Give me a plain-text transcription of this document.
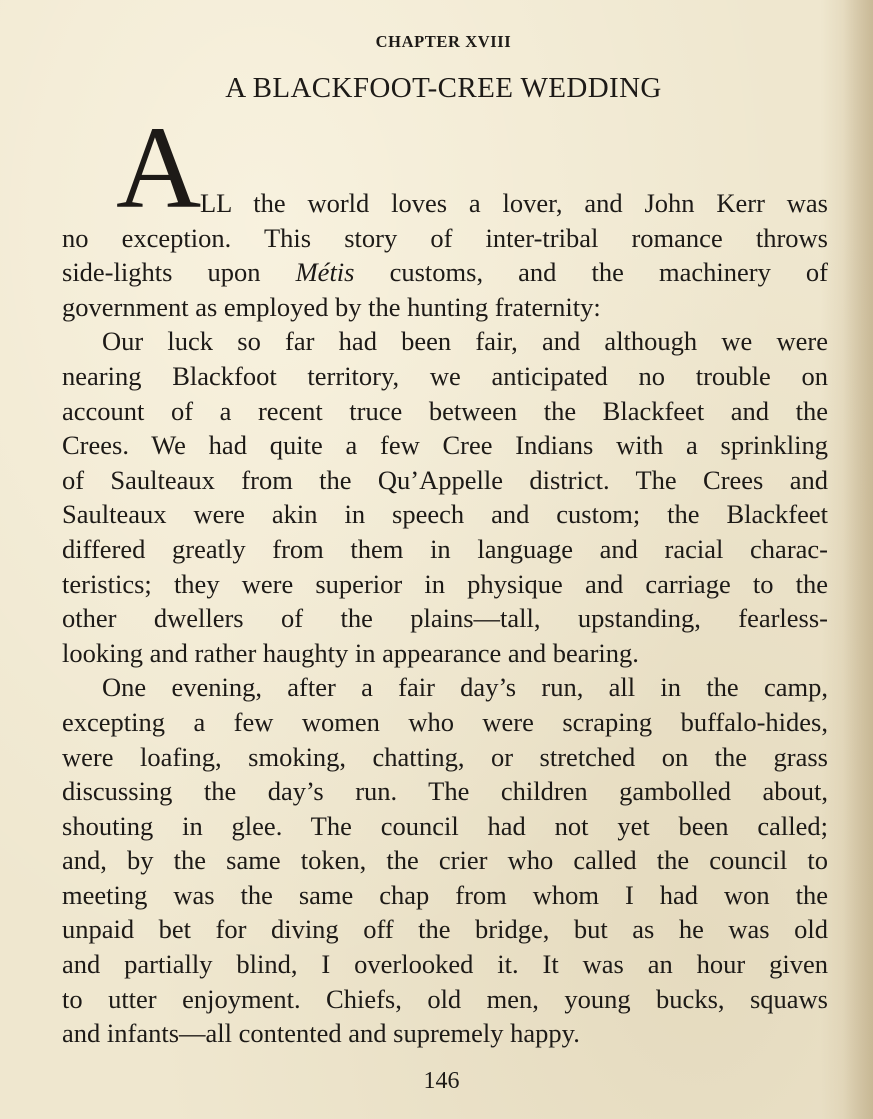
CHAPTER XVIII
A BLACKFOOT-CREE WEDDING
A
LL the world loves a lover, and John Kerr was
no exception. This story of inter-tribal romance throws
side-lights upon Métis customs, and the machinery of
government as employed by the hunting fraternity:
Our luck so far had been fair, and although we were
nearing Blackfoot territory, we anticipated no trouble on
account of a recent truce between the Blackfeet and the
Crees. We had quite a few Cree Indians with a sprinkling
of Saulteaux from the Qu’Appelle district. The Crees and
Saulteaux were akin in speech and custom; the Blackfeet
differed greatly from them in language and racial charac-
teristics; they were superior in physique and carriage to the
other dwellers of the plains—tall, upstanding, fearless-
looking and rather haughty in appearance and bearing.
One evening, after a fair day’s run, all in the camp,
excepting a few women who were scraping buffalo-hides,
were loafing, smoking, chatting, or stretched on the grass
discussing the day’s run. The children gambolled about,
shouting in glee. The council had not yet been called;
and, by the same token, the crier who called the council to
meeting was the same chap from whom I had won the
unpaid bet for diving off the bridge, but as he was old
and partially blind, I overlooked it. It was an hour given
to utter enjoyment. Chiefs, old men, young bucks, squaws
and infants—all contented and supremely happy.
146
